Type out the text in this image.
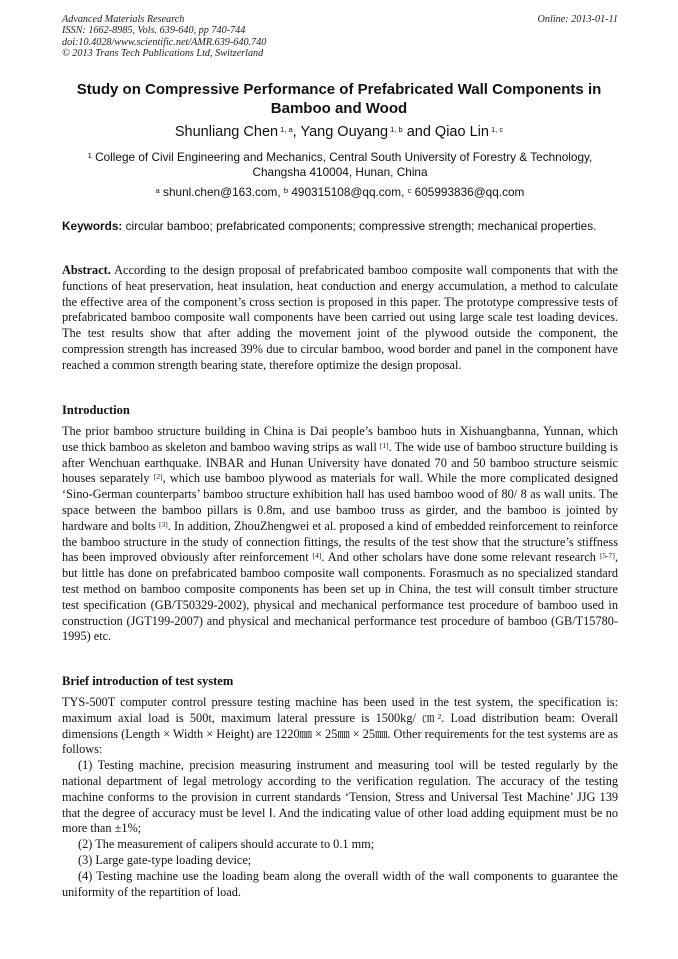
Advanced Materials Research
ISSN: 1662-8985, Vols. 639-640, pp 740-744
doi:10.4028/www.scientific.net/AMR.639-640.740
© 2013 Trans Tech Publications Ltd, Switzerland
Online: 2013-01-11
Study on Compressive Performance of Prefabricated Wall Components in Bamboo and Wood
Shunliang Chen $^{1, a}$, Yang Ouyang $^{1, b}$ and Qiao Lin $^{1, c}$
$^1$ College of Civil Engineering and Mechanics, Central South University of Forestry & Technology,
Changsha 410004, Hunan, China
$^a$ shunl.chen@163.com, $^b$ 490315108@qq.com, $^c$ 605993836@qq.com
Keywords: circular bamboo; prefabricated components; compressive strength; mechanical properties.
Abstract. According to the design proposal of prefabricated bamboo composite wall components that with the functions of heat preservation, heat insulation, heat conduction and energy accumulation, a method to calculate the effective area of the component’s cross section is proposed in this paper. The prototype compressive tests of prefabricated bamboo composite wall components have been carried out using large scale test loading devices. The test results show that after adding the movement joint of the plywood outside the component, the compression strength has increased 39% due to circular bamboo, wood border and panel in the component have reached a common strength bearing state, therefore optimize the design proposal.
Introduction
The prior bamboo structure building in China is Dai people’s bamboo huts in Xishuangbanna, Yunnan, which use thick bamboo as skeleton and bamboo waving strips as wall [1]. The wide use of bamboo structure building is after Wenchuan earthquake. INBAR and Hunan University have donated 70 and 50 bamboo structure seismic houses separately [2], which use bamboo plywood as materials for wall. While the more complicated designed ‘Sino-German counterparts’ bamboo structure exhibition hall has used bamboo wood of 80/ 8 as wall units. The space between the bamboo pillars is 0.8m, and use bamboo truss as girder, and the bamboo is jointed by hardware and bolts [3]. In addition, ZhouZhengwei et al. proposed a kind of embedded reinforcement to reinforce the bamboo structure in the study of connection fittings, the results of the test show that the structure’s stiffness has been improved obviously after reinforcement [4]. And other scholars have done some relevant research [5-7], but little has done on prefabricated bamboo composite wall components. Forasmuch as no specialized standard test method on bamboo composite components has been set up in China, the test will consult timber structure test specification (GB/T50329-2002), physical and mechanical performance test procedure of bamboo used in construction (JGT199-2007) and physical and mechanical performance test procedure of bamboo (GB/T15780-1995) etc.
Brief introduction of test system

TYS-500T computer control pressure testing machine has been used in the test system, the specification is: maximum axial load is 500t, maximum lateral pressure is 1500kg/ ㎝$^2$. Load distribution beam: Overall dimensions (Length × Width × Height) are 1220㎜ × 25㎜ × 25㎜. Other requirements for the test systems are as follows:

(1) Testing machine, precision measuring instrument and measuring tool will be tested regularly by the national department of legal metrology according to the verification regulation. The accuracy of the testing machine conforms to the provision in current standards ‘Tension, Stress and Universal Test Machine’ JJG 139 that the degree of accuracy must be level Ⅰ. And the indicating value of other load adding equipment must be no more than ±1%;

(2) The measurement of calipers should accurate to 0.1 mm;

(3) Large gate-type loading device;

(4) Testing machine use the loading beam along the overall width of the wall components to guarantee the uniformity of the repartition of load.
